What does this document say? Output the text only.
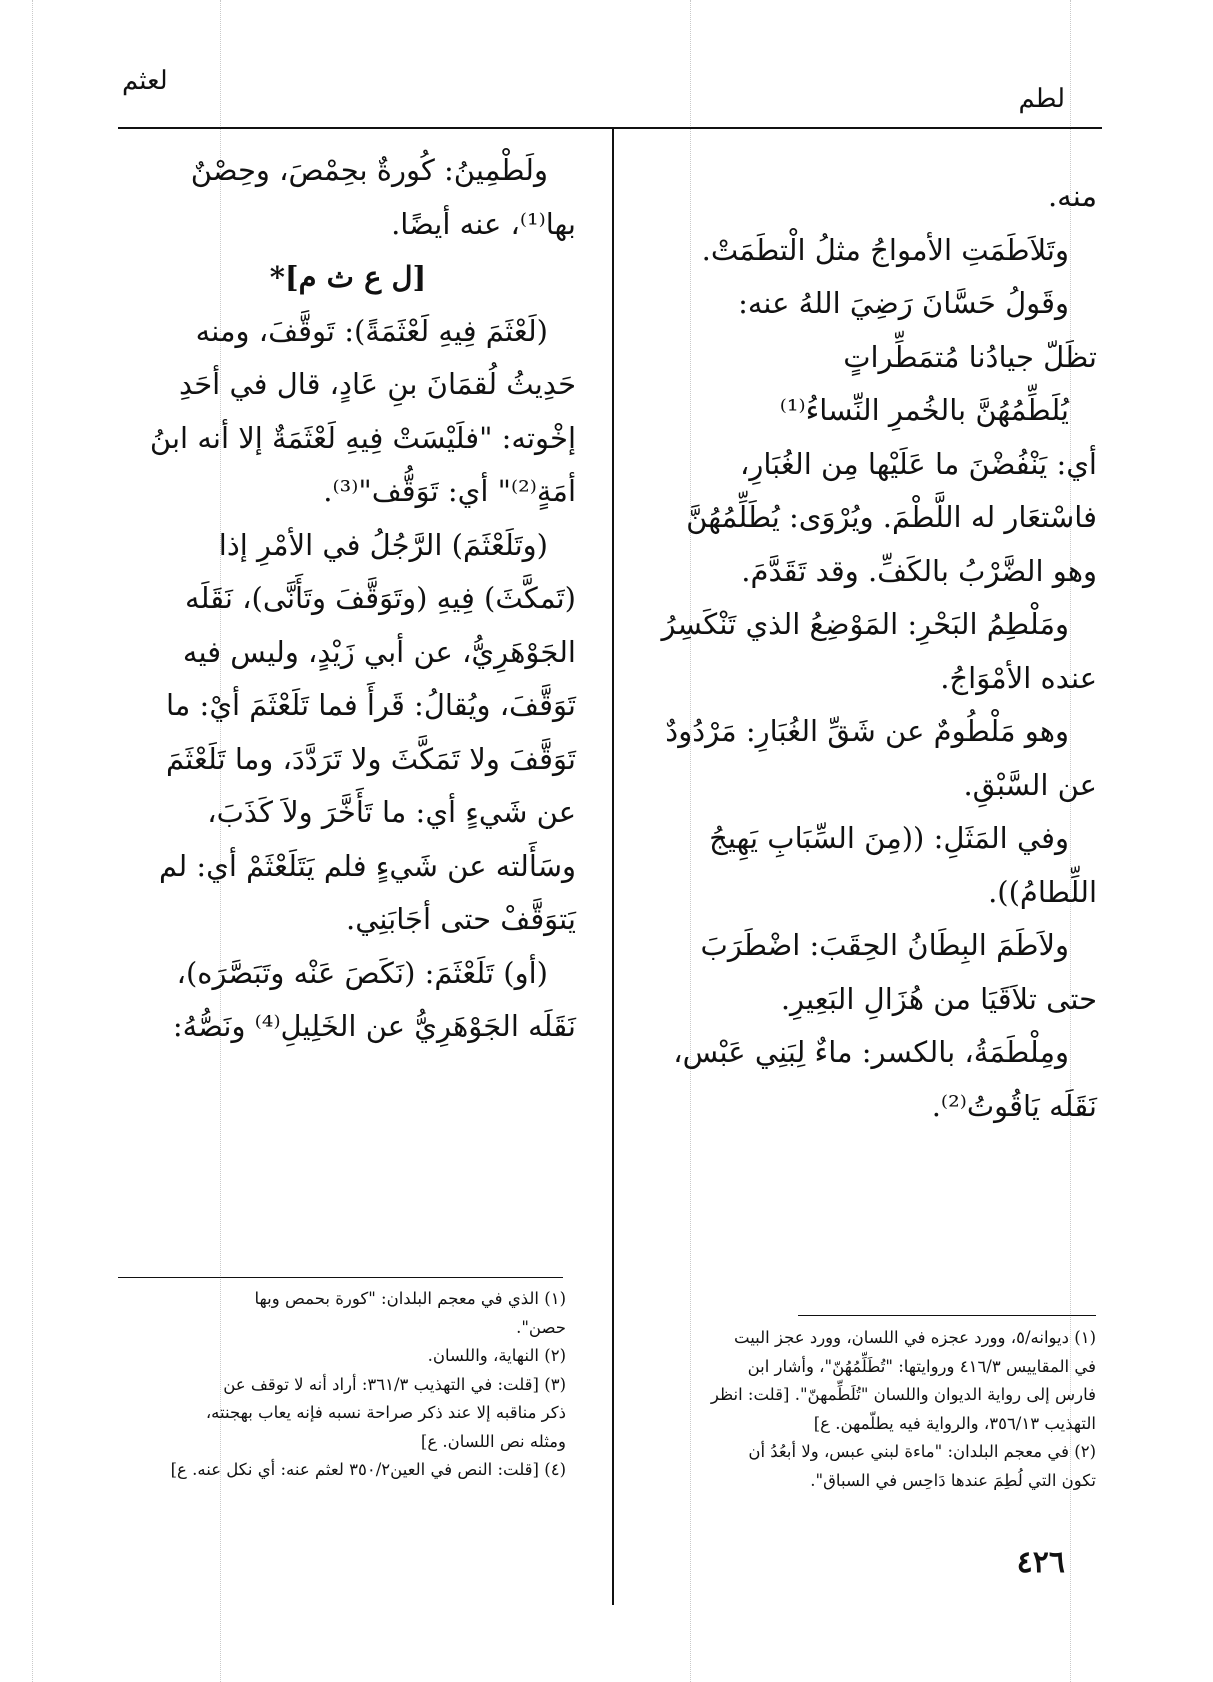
لطم
لعثم

منه.

وتَلاَطَمَتِ الأمواجُ مثلُ الْتطَمَتْ.

وقَولُ حَسَّانَ رَضِيَ اللهُ عنه:

تظَلّ جيادُنا مُتمَطِّراتٍ

يُلَطِّمُهُنَّ بالخُمرِ النِّساءُ⁽¹⁾

أي: يَنْفُضْنَ ما عَلَيْها مِن الغُبَارِ،

فاسْتعَار له اللَّطْمَ. ويُرْوَى: يُطَلِّمُهُنَّ

وهو الضَّرْبُ بالكَفِّ. وقد تَقَدَّمَ.

ومَلْطِمُ البَحْرِ: المَوْضِعُ الذي تَنْكَسِرُ

عنده الأمْوَاجُ.

وهو مَلْطُومٌ عن شَقِّ الغُبَارِ: مَرْدُودٌ

عن السَّبْقِ.

وفي المَثَلِ: ((مِنَ السِّبَابِ يَهِيجُ

اللِّطامُ)).

ولاَطَمَ البِطَانُ الحِقَبَ: اضْطَرَبَ

حتى تلاَقَيَا من هُزَالِ البَعِيرِ.

ومِلْطَمَةُ، بالكسر: ماءٌ لِبَنِي عَبْس،

نَقَلَه يَاقُوتُ⁽²⁾.

(١) ديوانه/٥، وورد عجزه في اللسان، وورد عجز البيت

في المقاييس ٤١٦/٣ وروايتها: "تُطَلِّمُهُنّ"، وأشار ابن

فارس إلى رواية الديوان واللسان "تُلَطِّمهنّ". [قلت: انظر

التهذيب ٣٥٦/١٣، والرواية فيه يطلّمهن. ع]

(٢) في معجم البلدان: "ماءة لبني عبس، ولا أبعُدُ أن

تكون التي لُطِمَ عندها دَاحِس في السباق".

ولَطْمِينُ: كُورةٌ بحِمْصَ، وحِصْنٌ

بها⁽¹⁾، عنه أيضًا.

[ل ع ث م]*

(لَعْثَمَ فِيهِ لَعْثَمَةً): تَوقَّفَ، ومنه

حَدِيثُ لُقمَانَ بنِ عَادٍ، قال في أحَدِ

إخْوته: "فلَيْسَتْ فِيهِ لَعْثَمَةٌ إلا أنه ابنُ

أمَةٍ⁽²⁾" أي: تَوَقُّف"⁽³⁾.

(وتَلَعْثَمَ) الرَّجُلُ في الأمْرِ إذا

(تَمكَّثَ) فِيهِ (وتَوَقَّفَ وتَأَنَّى)، نَقَلَه

الجَوْهَرِيُّ، عن أبي زَيْدٍ، وليس فيه

تَوَقَّفَ، ويُقالُ: قَرأَ فما تَلَعْثَمَ أيْ: ما

تَوَقَّفَ ولا تَمَكَّثَ ولا تَرَدَّدَ، وما تَلَعْثَمَ

عن شَيءٍ أي: ما تَأَخَّرَ ولاَ كَذَبَ،

وسَأَلته عن شَيءٍ فلم يَتَلَعْثَمْ أي: لم

يَتوَقَّفْ حتى أجَابَنِي.

(أو) تَلَعْثَمَ: (نَكَصَ عَنْه وتَبَصَّرَه)،

نَقَلَه الجَوْهَرِيُّ عن الخَلِيلِ⁽⁴⁾ ونَصُّهُ:

(١) الذي في معجم البلدان: "كورة بحمص وبها

حصن".

(٢) النهاية، واللسان.

(٣) [قلت: في التهذيب ٣٦١/٣: أراد أنه لا توقف عن

ذكر مناقبه إلا عند ذكر صراحة نسبه فإنه يعاب بهجنته،

ومثله نص اللسان. ع]

(٤) [قلت: النص في العين٣٥٠/٢ لعثم عنه: أي نكل عنه. ع]

٤٢٦
